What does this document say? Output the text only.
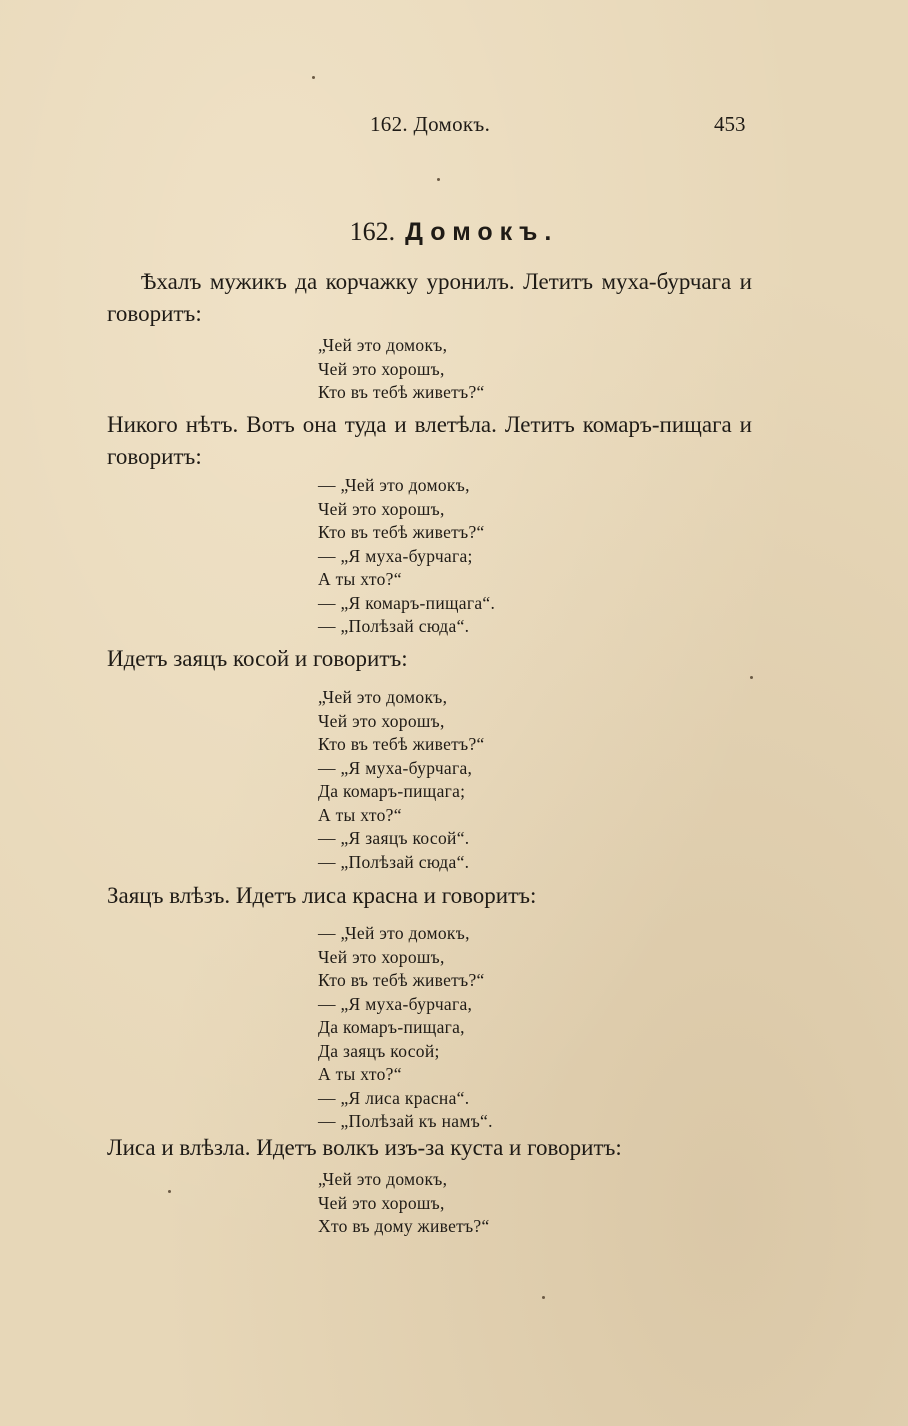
162. Домокъ.	453
162. Домокъ.

Ѣхалъ мужикъ да корчажку уронилъ. Летитъ муха-бурчага и говоритъ:

„Чей это домокъ,
Чей это хорошъ,
Кто въ тебѣ живетъ?“

Никого нѣтъ. Вотъ она туда и влетѣла. Летитъ комаръ-пищага и говоритъ:

— „Чей это домокъ,
Чей это хорошъ,
Кто въ тебѣ живетъ?“
— „Я муха-бурчага;
А ты хто?“
— „Я комаръ-пищага“.
— „Полѣзай сюда“.

Идетъ заяцъ косой и говоритъ:

„Чей это домокъ,
Чей это хорошъ,
Кто въ тебѣ живетъ?“
— „Я муха-бурчага,
Да комаръ-пищага;
А ты хто?“
— „Я заяцъ косой“.
— „Полѣзай сюда“.

Заяцъ влѣзъ. Идетъ лиса красна и говоритъ:

— „Чей это домокъ,
Чей это хорошъ,
Кто въ тебѣ живетъ?“
— „Я муха-бурчага,
Да комаръ-пищага,
Да заяцъ косой;
А ты хто?“
— „Я лиса красна“.
— „Полѣзай къ намъ“.

Лиса и влѣзла. Идетъ волкъ изъ-за куста и говоритъ:

„Чей это домокъ,
Чей это хорошъ,
Хто въ дому живетъ?“
